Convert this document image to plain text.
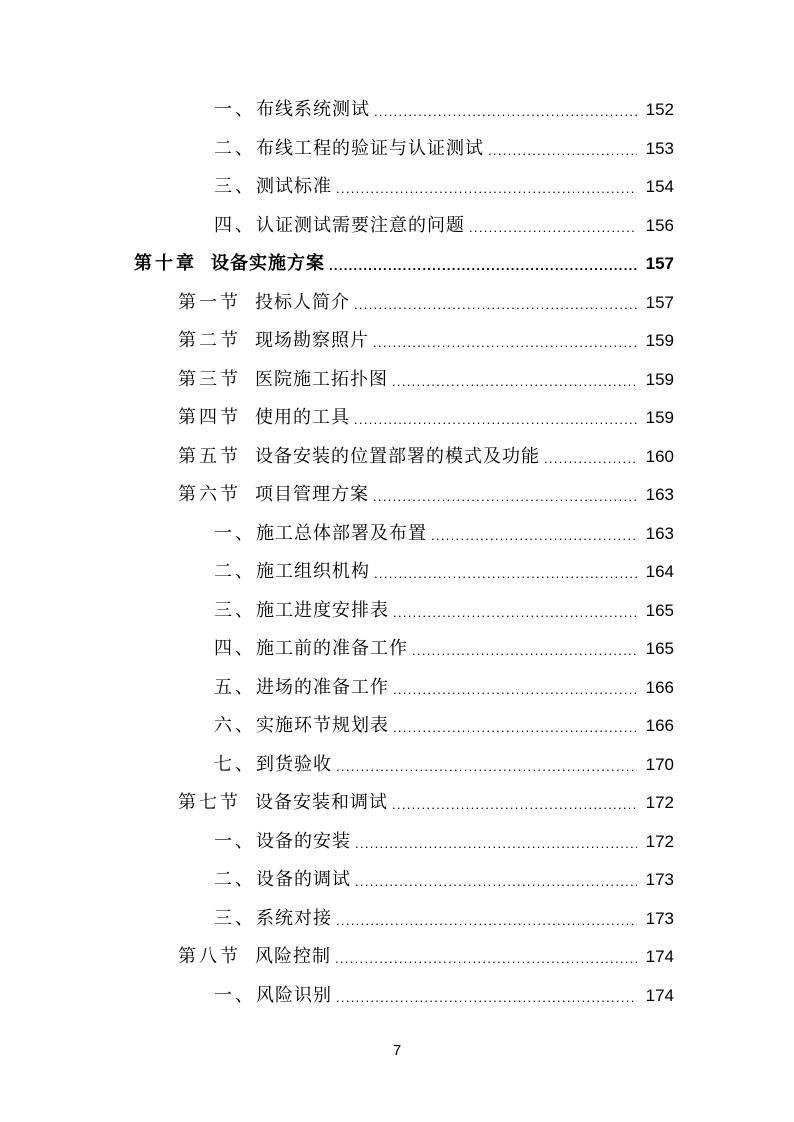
一、布线系统测试 .....	152
二、布线工程的验证与认证测试 .....	153
三、测试标准 .....	154
四、认证测试需要注意的问题 .....	156
第十章 设备实施方案 .....	157
第一节 投标人简介 .....	157
第二节 现场勘察照片 .....	159
第三节 医院施工拓扑图 .....	159
第四节 使用的工具 .....	159
第五节 设备安装的位置部署的模式及功能 .....	160
第六节 项目管理方案 .....	163
一、施工总体部署及布置 .....	163
二、施工组织机构 .....	164
三、施工进度安排表 .....	165
四、施工前的准备工作 .....	165
五、进场的准备工作 .....	166
六、实施环节规划表 .....	166
七、到货验收 .....	170
第七节 设备安装和调试 .....	172
一、设备的安装 .....	172
二、设备的调试 .....	173
三、系统对接 .....	173
第八节 风险控制 .....	174
一、风险识别 .....	174
7
